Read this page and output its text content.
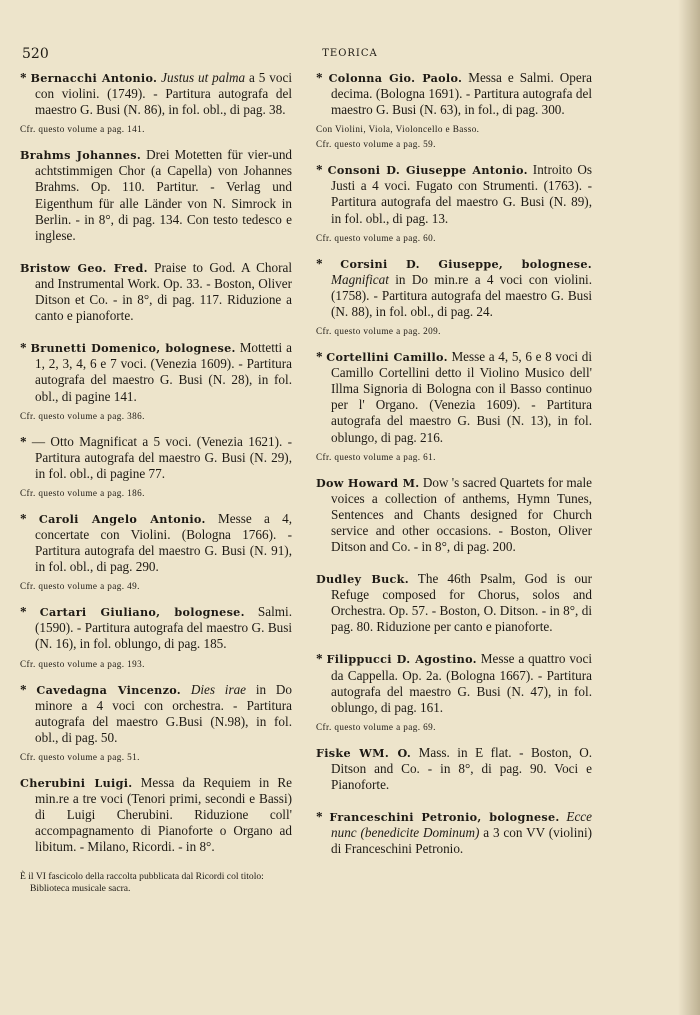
520	TEORICA
* Bernacchi Antonio. Justus ut palma a 5 voci con violini. (1749). - Partitura autografa del maestro G. Busi (N. 86), in fol. obl., di pag. 38.
Cfr. questo volume a pag. 141.
Brahms Johannes. Drei Motetten für vier-und achtstimmigen Chor (a Capella) von Johannes Brahms. Op. 110. Partitur. - Verlag und Eigenthum für alle Länder von N. Simrock in Berlin. - in 8°, di pag. 134. Con testo tedesco e inglese.
Bristow Geo. Fred. Praise to God. A Choral and Instrumental Work. Op. 33. - Boston, Oliver Ditson et Co. - in 8°, di pag. 117. Riduzione a canto e pianoforte.
* Brunetti Domenico, bolognese. Mottetti a 1, 2, 3, 4, 6 e 7 voci. (Venezia 1609). - Partitura autografa del maestro G. Busi (N. 28), in fol. obl., di pagine 141.
Cfr. questo volume a pag. 386.
* — Otto Magnificat a 5 voci. (Venezia 1621). - Partitura autografa del maestro G. Busi (N. 29), in fol. obl., di pagine 77.
Cfr. questo volume a pag. 186.
* Caroli Angelo Antonio. Messe a 4, concertate con Violini. (Bologna 1766). - Partitura autografa del maestro G. Busi (N. 91), in fol. obl., di pag. 290.
Cfr. questo volume a pag. 49.
* Cartari Giuliano, bolognese. Salmi. (1590). - Partitura autografa del maestro G. Busi (N. 16), in fol. oblungo, di pag. 185.
Cfr. questo volume a pag. 193.
* Cavedagna Vincenzo. Dies irae in Do minore a 4 voci con orchestra. - Partitura autografa del maestro G.Busi (N.98), in fol. obl., di pag. 50.
Cfr. questo volume a pag. 51.
Cherubini Luigi. Messa da Requiem in Re min.re a tre voci (Tenori primi, secondi e Bassi) di Luigi Cherubini. Riduzione coll' accompagnamento di Pianoforte o Organo ad libitum. - Milano, Ricordi. - in 8°.
È il VI fascicolo della raccolta pubblicata dal Ricordi col titolo: Biblioteca musicale sacra.
* Colonna Gio. Paolo. Messa e Salmi. Opera decima. (Bologna 1691). - Partitura autografa del maestro G. Busi (N. 63), in fol., di pag. 300.
Con Violini, Viola, Violoncello e Basso.
Cfr. questo volume a pag. 59.
* Consoni D. Giuseppe Antonio. Introito Os Justi a 4 voci. Fugato con Strumenti. (1763). - Partitura autografa del maestro G. Busi (N. 89), in fol. obl., di pag. 13.
Cfr. questo volume a pag. 60.
* Corsini D. Giuseppe, bolognese. Magnificat in Do min.re a 4 voci con violini. (1758). - Partitura autografa del maestro G. Busi (N. 88), in fol. obl., di pag. 24.
Cfr. questo volume a pag. 209.
* Cortellini Camillo. Messe a 4, 5, 6 e 8 voci di Camillo Cortellini detto il Violino Musico dell' Illma Signoria di Bologna con il Basso continuo per l' Organo. (Venezia 1609). - Partitura autografa del maestro G. Busi (N. 13), in fol. oblungo, di pag. 216.
Cfr. questo volume a pag. 61.
Dow Howard M. Dow 's sacred Quartets for male voices a collection of anthems, Hymn Tunes, Sentences and Chants designed for Church service and other occasions. - Boston, Oliver Ditson and Co. - in 8°, di pag. 200.
Dudley Buck. The 46th Psalm, God is our Refuge composed for Chorus, solos and Orchestra. Op. 57. - Boston, O. Ditson. - in 8°, di pag. 80. Riduzione per canto e pianoforte.
* Filippucci D. Agostino. Messe a quattro voci da Cappella. Op. 2a. (Bologna 1667). - Partitura autografa del maestro G. Busi (N. 47), in fol. oblungo, di pag. 161.
Cfr. questo volume a pag. 69.
Fiske WM. O. Mass. in E flat. - Boston, O. Ditson and Co. - in 8°, di pag. 90. Voci e Pianoforte.
* Franceschini Petronio, bolognese. Ecce nunc (benedicite Dominum) a 3 con VV (violini) di Franceschini Petronio.
